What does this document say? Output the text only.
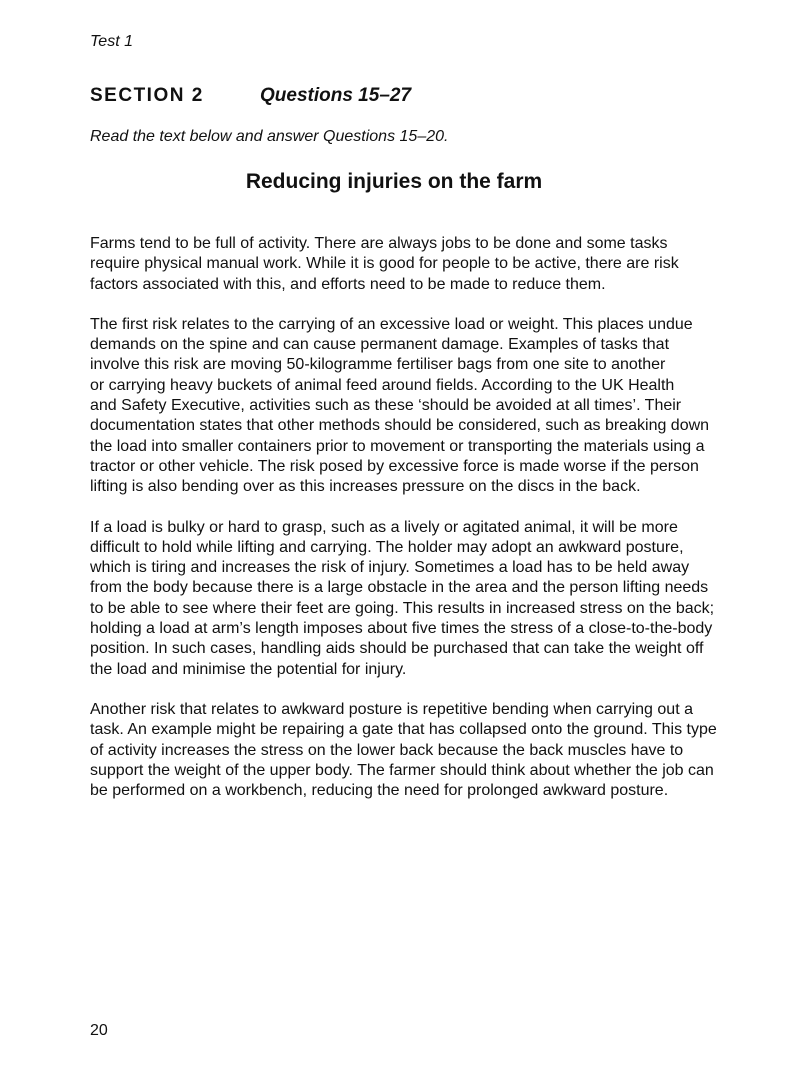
Test 1
SECTION 2	Questions 15–27
Read the text below and answer Questions 15–20.
Reducing injuries on the farm

Farms tend to be full of activity. There are always jobs to be done and some tasks
require physical manual work. While it is good for people to be active, there are risk
factors associated with this, and efforts need to be made to reduce them.

The first risk relates to the carrying of an excessive load or weight. This places undue
demands on the spine and can cause permanent damage. Examples of tasks that
involve this risk are moving 50-kilogramme fertiliser bags from one site to another
or carrying heavy buckets of animal feed around fields. According to the UK Health
and Safety Executive, activities such as these ‘should be avoided at all times’. Their
documentation states that other methods should be considered, such as breaking down
the load into smaller containers prior to movement or transporting the materials using a
tractor or other vehicle. The risk posed by excessive force is made worse if the person
lifting is also bending over as this increases pressure on the discs in the back.

If a load is bulky or hard to grasp, such as a lively or agitated animal, it will be more
difficult to hold while lifting and carrying. The holder may adopt an awkward posture,
which is tiring and increases the risk of injury. Sometimes a load has to be held away
from the body because there is a large obstacle in the area and the person lifting needs
to be able to see where their feet are going. This results in increased stress on the back;
holding a load at arm’s length imposes about five times the stress of a close-to-the-body
position. In such cases, handling aids should be purchased that can take the weight off
the load and minimise the potential for injury.

Another risk that relates to awkward posture is repetitive bending when carrying out a
task. An example might be repairing a gate that has collapsed onto the ground. This type
of activity increases the stress on the lower back because the back muscles have to
support the weight of the upper body. The farmer should think about whether the job can
be performed on a workbench, reducing the need for prolonged awkward posture.

20
